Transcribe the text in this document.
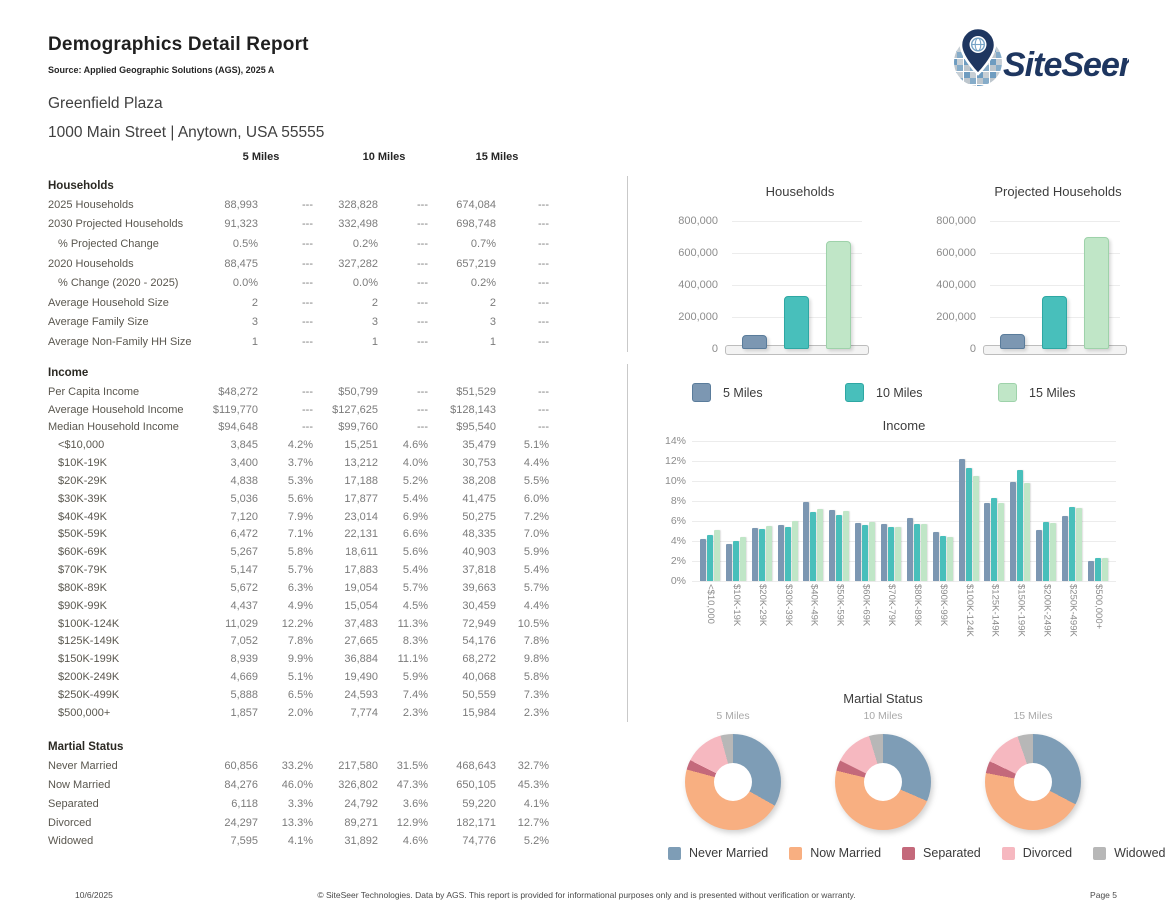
Demographics Detail Report
Source: Applied Geographic Solutions (AGS), 2025 A	SiteSeer
Greenfield Plaza
1000 Main Street | Anytown, USA 55555
5 Miles	10 Miles	15 Miles
Households
2025 Households	88,993	---	328,828	---	674,084	---
2030 Projected Households	91,323	---	332,498	---	698,748	---
% Projected Change	0.5%	---	0.2%	---	0.7%	---
2020 Households	88,475	---	327,282	---	657,219	---
% Change (2020 - 2025)	0.0%	---	0.0%	---	0.2%	---
Average Household Size	2	---	2	---	2	---
Average Family Size	3	---	3	---	3	---
Average Non-Family HH Size	1	---	1	---	1	---
Income
Per Capita Income	$48,272	---	$50,799	---	$51,529	---
Average Household Income	$119,770	---	$127,625	---	$128,143	---
Median Household Income	$94,648	---	$99,760	---	$95,540	---
<$10,000	3,845	4.2%	15,251	4.6%	35,479	5.1%
$10K-19K	3,400	3.7%	13,212	4.0%	30,753	4.4%
$20K-29K	4,838	5.3%	17,188	5.2%	38,208	5.5%
$30K-39K	5,036	5.6%	17,877	5.4%	41,475	6.0%
$40K-49K	7,120	7.9%	23,014	6.9%	50,275	7.2%
$50K-59K	6,472	7.1%	22,131	6.6%	48,335	7.0%
$60K-69K	5,267	5.8%	18,611	5.6%	40,903	5.9%
$70K-79K	5,147	5.7%	17,883	5.4%	37,818	5.4%
$80K-89K	5,672	6.3%	19,054	5.7%	39,663	5.7%
$90K-99K	4,437	4.9%	15,054	4.5%	30,459	4.4%
$100K-124K	11,029	12.2%	37,483	11.3%	72,949	10.5%
$125K-149K	7,052	7.8%	27,665	8.3%	54,176	7.8%
$150K-199K	8,939	9.9%	36,884	11.1%	68,272	9.8%
$200K-249K	4,669	5.1%	19,490	5.9%	40,068	5.8%
$250K-499K	5,888	6.5%	24,593	7.4%	50,559	7.3%
$500,000+	1,857	2.0%	7,774	2.3%	15,984	2.3%
Martial Status
Never Married	60,856	33.2%	217,580	31.5%	468,643	32.7%
Now Married	84,276	46.0%	326,802	47.3%	650,105	45.3%
Separated	6,118	3.3%	24,792	3.6%	59,220	4.1%
Divorced	24,297	13.3%	89,271	12.9%	182,171	12.7%
Widowed	7,595	4.1%	31,892	4.6%	74,776	5.2%
Households
800,000
600,000
400,000
200,000
0
Projected Households
800,000
600,000
400,000
200,000
0
5 Miles	10 Miles	15 Miles
Income
14%
12%
10%
8%
6%
4%
2%
0%
<$10,000 $10K-19K $20K-29K $30K-39K $40K-49K $50K-59K $60K-69K $70K-79K $80K-89K $90K-99K $100K-124K $125K-149K $150K-199K $200K-249K $250K-499K $500,000+
Martial Status
5 Miles	10 Miles	15 Miles
Never Married	Now Married	Separated	Divorced	Widowed
10/6/2025	© SiteSeer Technologies. Data by AGS. This report is provided for informational purposes only and is presented without verification or warranty.	Page 5
